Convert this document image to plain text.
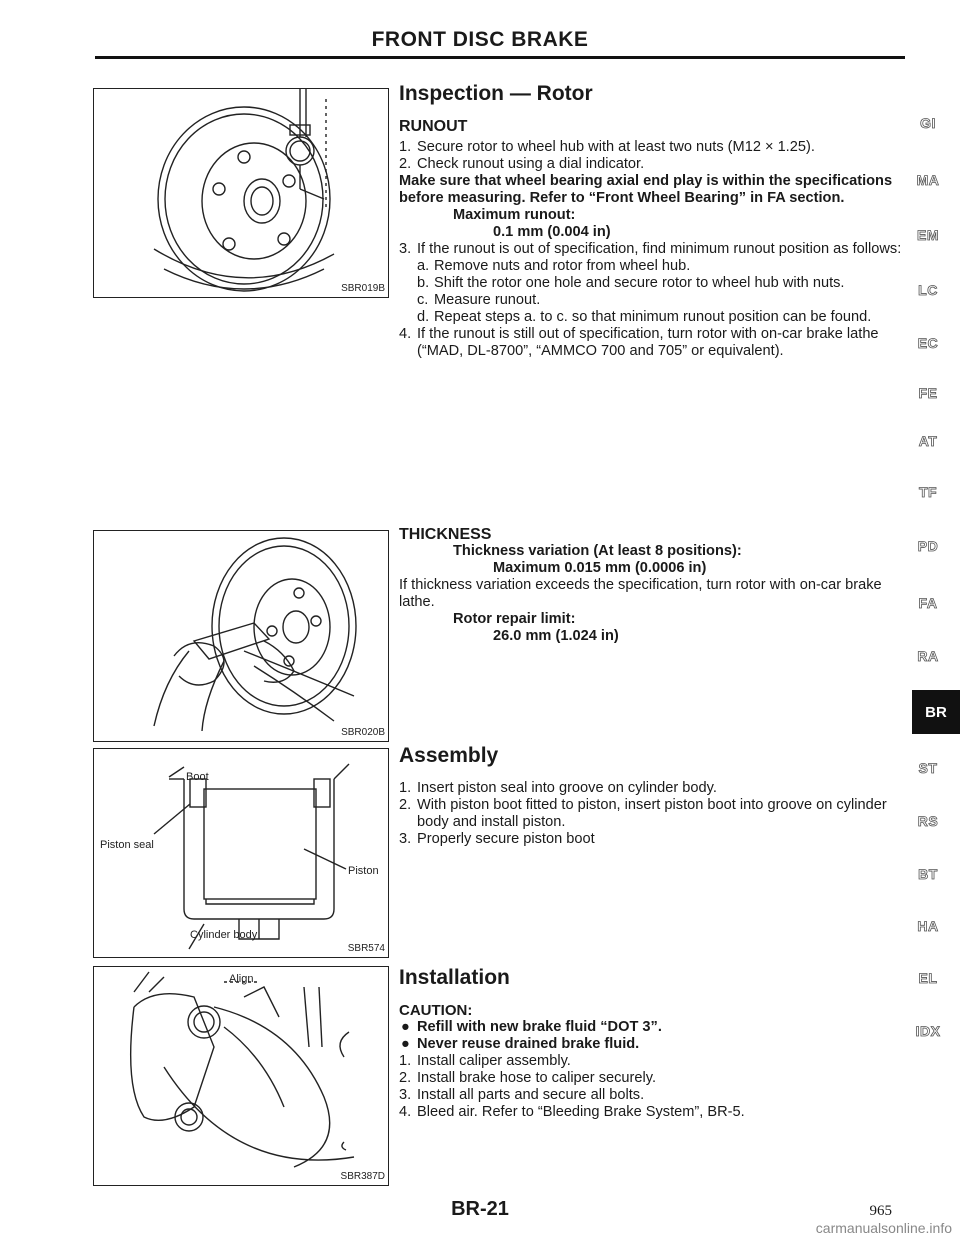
FRONT DISC BRAKE
SBR019B
SBR020B
Boot
Piston seal
Piston
Cylinder body
SBR574
Align
SBR387D
Inspection — Rotor
RUNOUT
1. Secure rotor to wheel hub with at least two nuts (M12 × 1.25).
2. Check runout using a dial indicator.

Make sure that wheel bearing axial end play is within the specifications before measuring. Refer to “Front Wheel Bearing” in FA section.

Maximum runout:

0.1 mm (0.004 in)

3. If the runout is out of specification, find minimum runout position as follows:
a. Remove nuts and rotor from wheel hub.
b. Shift the rotor one hole and secure rotor to wheel hub with nuts.
c. Measure runout.
d. Repeat steps a. to c. so that minimum runout position can be found.
4. If the runout is still out of specification, turn rotor with on-car brake lathe (“MAD, DL-8700”, “AMMCO 700 and 705” or equivalent).
THICKNESS

Thickness variation (At least 8 positions):

Maximum 0.015 mm (0.0006 in)

If thickness variation exceeds the specification, turn rotor with on-car brake lathe.

Rotor repair limit:

26.0 mm (1.024 in)

Assembly
1. Insert piston seal into groove on cylinder body.
2. With piston boot fitted to piston, insert piston boot into groove on cylinder body and install piston.
3. Properly secure piston boot
Installation

CAUTION:

● Refill with new brake fluid “DOT 3”.
● Never reuse drained brake fluid.
1. Install caliper assembly.
2. Install brake hose to caliper securely.
3. Install all parts and secure all bolts.
4. Bleed air. Refer to “Bleeding Brake System”, BR-5.
GI
MA
EM
LC
EC
FE
AT
TF
PD
FA
RA
BR
ST
RS
BT
HA
EL
IDX
BR-21	965
carmanualsonline.info
